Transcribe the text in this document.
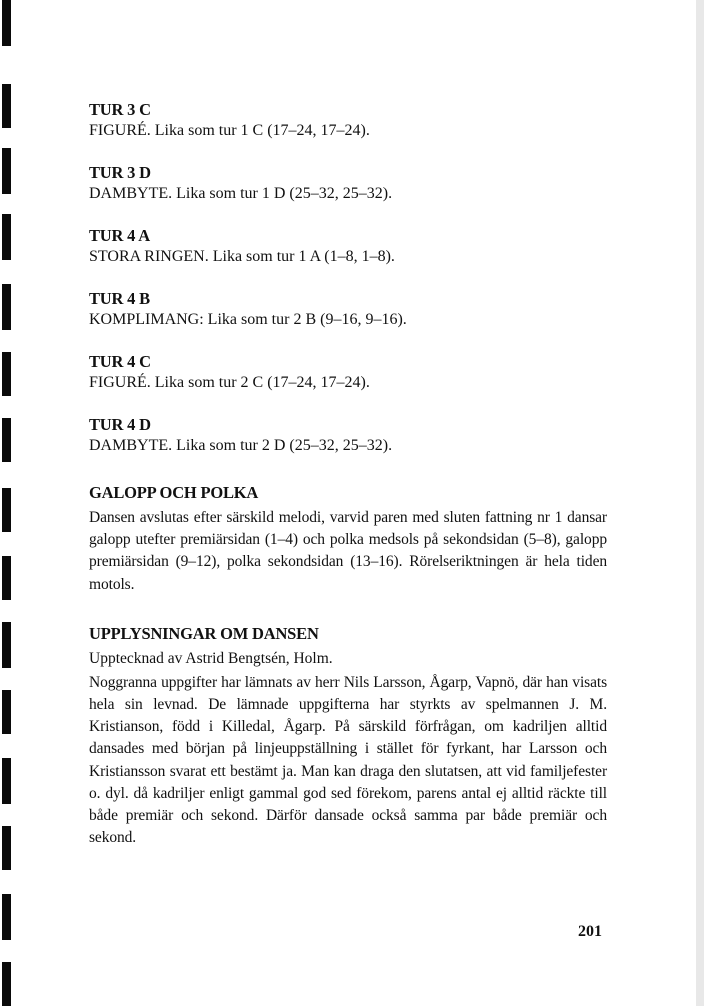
TUR 3 C
FIGURÉ. Lika som tur 1 C (17–24, 17–24).
TUR 3 D
DAMBYTE. Lika som tur 1 D (25–32, 25–32).
TUR 4 A
STORA RINGEN. Lika som tur 1 A (1–8, 1–8).
TUR 4 B
KOMPLIMANG: Lika som tur 2 B (9–16, 9–16).
TUR 4 C
FIGURÉ. Lika som tur 2 C (17–24, 17–24).
TUR 4 D
DAMBYTE. Lika som tur 2 D (25–32, 25–32).
GALOPP OCH POLKA
Dansen avslutas efter särskild melodi, varvid paren med sluten fattning nr 1 dansar galopp utefter premiärsidan (1–4) och polka medsols på sekondsidan (5–8), galopp premiärsidan (9–12), polka sekondsidan (13–16). Rörelseriktningen är hela tiden motols.
UPPLYSNINGAR OM DANSEN
Upptecknad av Astrid Bengtsén, Holm.
Noggranna uppgifter har lämnats av herr Nils Larsson, Ågarp, Vapnö, där han visats hela sin levnad. De lämnade uppgifterna har styrkts av spelmannen J. M. Kristianson, född i Killedal, Ågarp. På särskild förfrågan, om kadriljen alltid dansades med början på linjeuppställning i stället för fyrkant, har Larsson och Kristiansson svarat ett bestämt ja. Man kan draga den slutatsen, att vid familjefester o. dyl. då kadriljer enligt gammal god sed förekom, parens antal ej alltid räckte till både premiär och sekond. Därför dansade också samma par både premiär och sekond.
201
